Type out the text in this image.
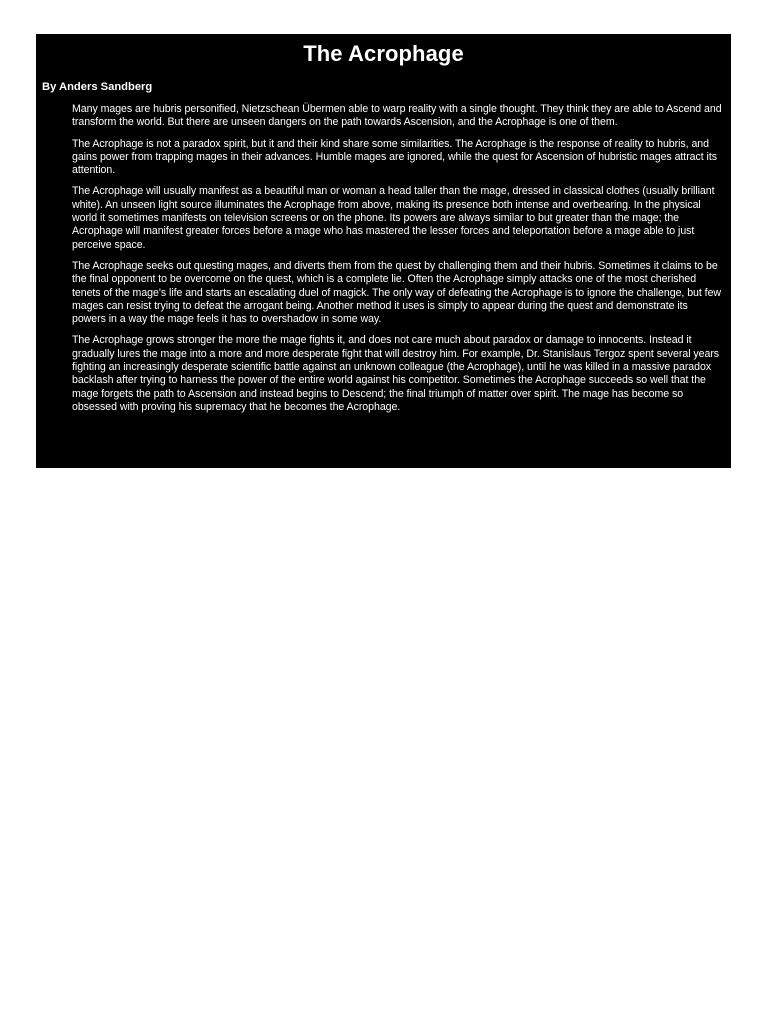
The Acrophage

By Anders Sandberg

Many mages are hubris personified, Nietzschean Übermen able to warp reality with a single thought. They think they are able to Ascend and transform the world. But there are unseen dangers on the path towards Ascension, and the Acrophage is one of them.

The Acrophage is not a paradox spirit, but it and their kind share some similarities. The Acrophage is the response of reality to hubris, and gains power from trapping mages in their advances. Humble mages are ignored, while the quest for Ascension of hubristic mages attract its attention.

The Acrophage will usually manifest as a beautiful man or woman a head taller than the mage, dressed in classical clothes (usually brilliant white). An unseen light source illuminates the Acrophage from above, making its presence both intense and overbearing. In the physical world it sometimes manifests on television screens or on the phone. Its powers are always similar to but greater than the mage; the Acrophage will manifest greater forces before a mage who has mastered the lesser forces and teleportation before a mage able to just perceive space.

The Acrophage seeks out questing mages, and diverts them from the quest by challenging them and their hubris. Sometimes it claims to be the final opponent to be overcome on the quest, which is a complete lie. Often the Acrophage simply attacks one of the most cherished tenets of the mage's life and starts an escalating duel of magick. The only way of defeating the Acrophage is to ignore the challenge, but few mages can resist trying to defeat the arrogant being. Another method it uses is simply to appear during the quest and demonstrate its powers in a way the mage feels it has to overshadow in some way.

The Acrophage grows stronger the more the mage fights it, and does not care much about paradox or damage to innocents. Instead it gradually lures the mage into a more and more desperate fight that will destroy him. For example, Dr. Stanislaus Tergoz spent several years fighting an increasingly desperate scientific battle against an unknown colleague (the Acrophage), until he was killed in a massive paradox backlash after trying to harness the power of the entire world against his competitor. Sometimes the Acrophage succeeds so well that the mage forgets the path to Ascension and instead begins to Descend; the final triumph of matter over spirit. The mage has become so obsessed with proving his supremacy that he becomes the Acrophage.
